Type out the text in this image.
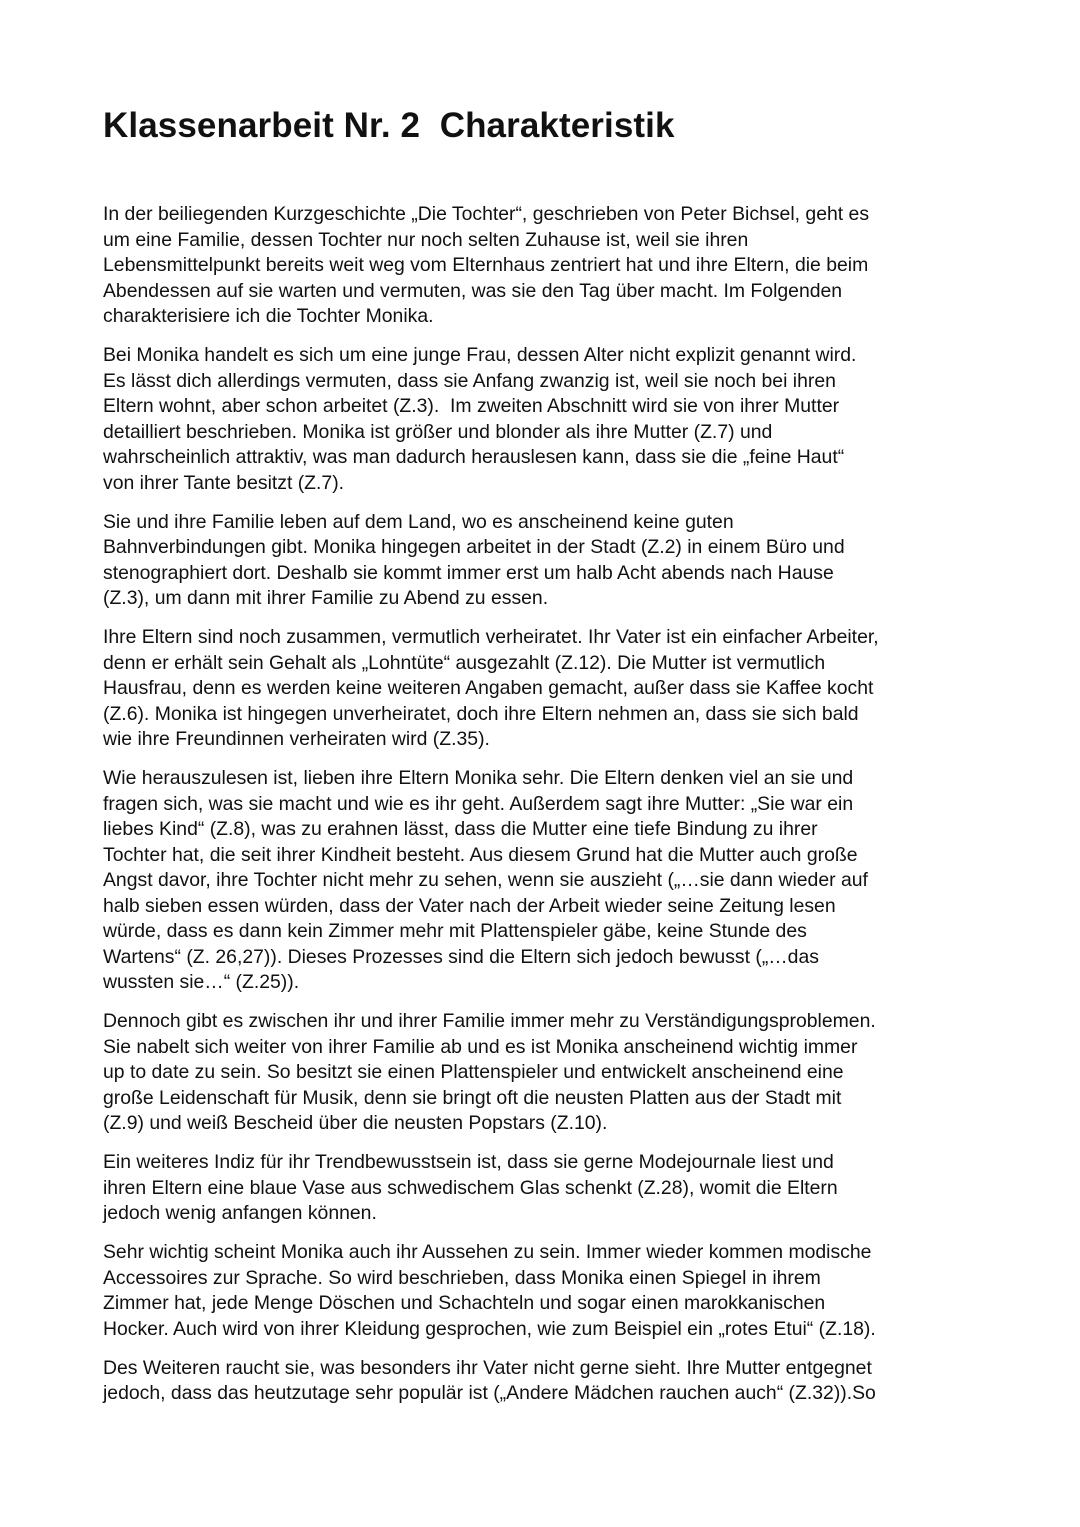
Klassenarbeit Nr. 2  Charakteristik

In der beiliegenden Kurzgeschichte „Die Tochter“, geschrieben von Peter Bichsel, geht es
um eine Familie, dessen Tochter nur noch selten Zuhause ist, weil sie ihren
Lebensmittelpunkt bereits weit weg vom Elternhaus zentriert hat und ihre Eltern, die beim
Abendessen auf sie warten und vermuten, was sie den Tag über macht. Im Folgenden
charakterisiere ich die Tochter Monika.

Bei Monika handelt es sich um eine junge Frau, dessen Alter nicht explizit genannt wird.
Es lässt dich allerdings vermuten, dass sie Anfang zwanzig ist, weil sie noch bei ihren
Eltern wohnt, aber schon arbeitet (Z.3).  Im zweiten Abschnitt wird sie von ihrer Mutter
detailliert beschrieben. Monika ist größer und blonder als ihre Mutter (Z.7) und
wahrscheinlich attraktiv, was man dadurch herauslesen kann, dass sie die „feine Haut“
von ihrer Tante besitzt (Z.7).

Sie und ihre Familie leben auf dem Land, wo es anscheinend keine guten
Bahnverbindungen gibt. Monika hingegen arbeitet in der Stadt (Z.2) in einem Büro und
stenographiert dort. Deshalb sie kommt immer erst um halb Acht abends nach Hause
(Z.3), um dann mit ihrer Familie zu Abend zu essen.

Ihre Eltern sind noch zusammen, vermutlich verheiratet. Ihr Vater ist ein einfacher Arbeiter,
denn er erhält sein Gehalt als „Lohntüte“ ausgezahlt (Z.12). Die Mutter ist vermutlich
Hausfrau, denn es werden keine weiteren Angaben gemacht, außer dass sie Kaffee kocht
(Z.6). Monika ist hingegen unverheiratet, doch ihre Eltern nehmen an, dass sie sich bald
wie ihre Freundinnen verheiraten wird (Z.35).

Wie herauszulesen ist, lieben ihre Eltern Monika sehr. Die Eltern denken viel an sie und
fragen sich, was sie macht und wie es ihr geht. Außerdem sagt ihre Mutter: „Sie war ein
liebes Kind“ (Z.8), was zu erahnen lässt, dass die Mutter eine tiefe Bindung zu ihrer
Tochter hat, die seit ihrer Kindheit besteht. Aus diesem Grund hat die Mutter auch große
Angst davor, ihre Tochter nicht mehr zu sehen, wenn sie auszieht („…sie dann wieder auf
halb sieben essen würden, dass der Vater nach der Arbeit wieder seine Zeitung lesen
würde, dass es dann kein Zimmer mehr mit Plattenspieler gäbe, keine Stunde des
Wartens“ (Z. 26,27)). Dieses Prozesses sind die Eltern sich jedoch bewusst („…das
wussten sie…“ (Z.25)).

Dennoch gibt es zwischen ihr und ihrer Familie immer mehr zu Verständigungsproblemen.
Sie nabelt sich weiter von ihrer Familie ab und es ist Monika anscheinend wichtig immer
up to date zu sein. So besitzt sie einen Plattenspieler und entwickelt anscheinend eine
große Leidenschaft für Musik, denn sie bringt oft die neusten Platten aus der Stadt mit
(Z.9) und weiß Bescheid über die neusten Popstars (Z.10).

Ein weiteres Indiz für ihr Trendbewusstsein ist, dass sie gerne Modejournale liest und
ihren Eltern eine blaue Vase aus schwedischem Glas schenkt (Z.28), womit die Eltern
jedoch wenig anfangen können.

Sehr wichtig scheint Monika auch ihr Aussehen zu sein. Immer wieder kommen modische
Accessoires zur Sprache. So wird beschrieben, dass Monika einen Spiegel in ihrem
Zimmer hat, jede Menge Döschen und Schachteln und sogar einen marokkanischen
Hocker. Auch wird von ihrer Kleidung gesprochen, wie zum Beispiel ein „rotes Etui“ (Z.18).

Des Weiteren raucht sie, was besonders ihr Vater nicht gerne sieht. Ihre Mutter entgegnet
jedoch, dass das heutzutage sehr populär ist („Andere Mädchen rauchen auch“ (Z.32)).So
